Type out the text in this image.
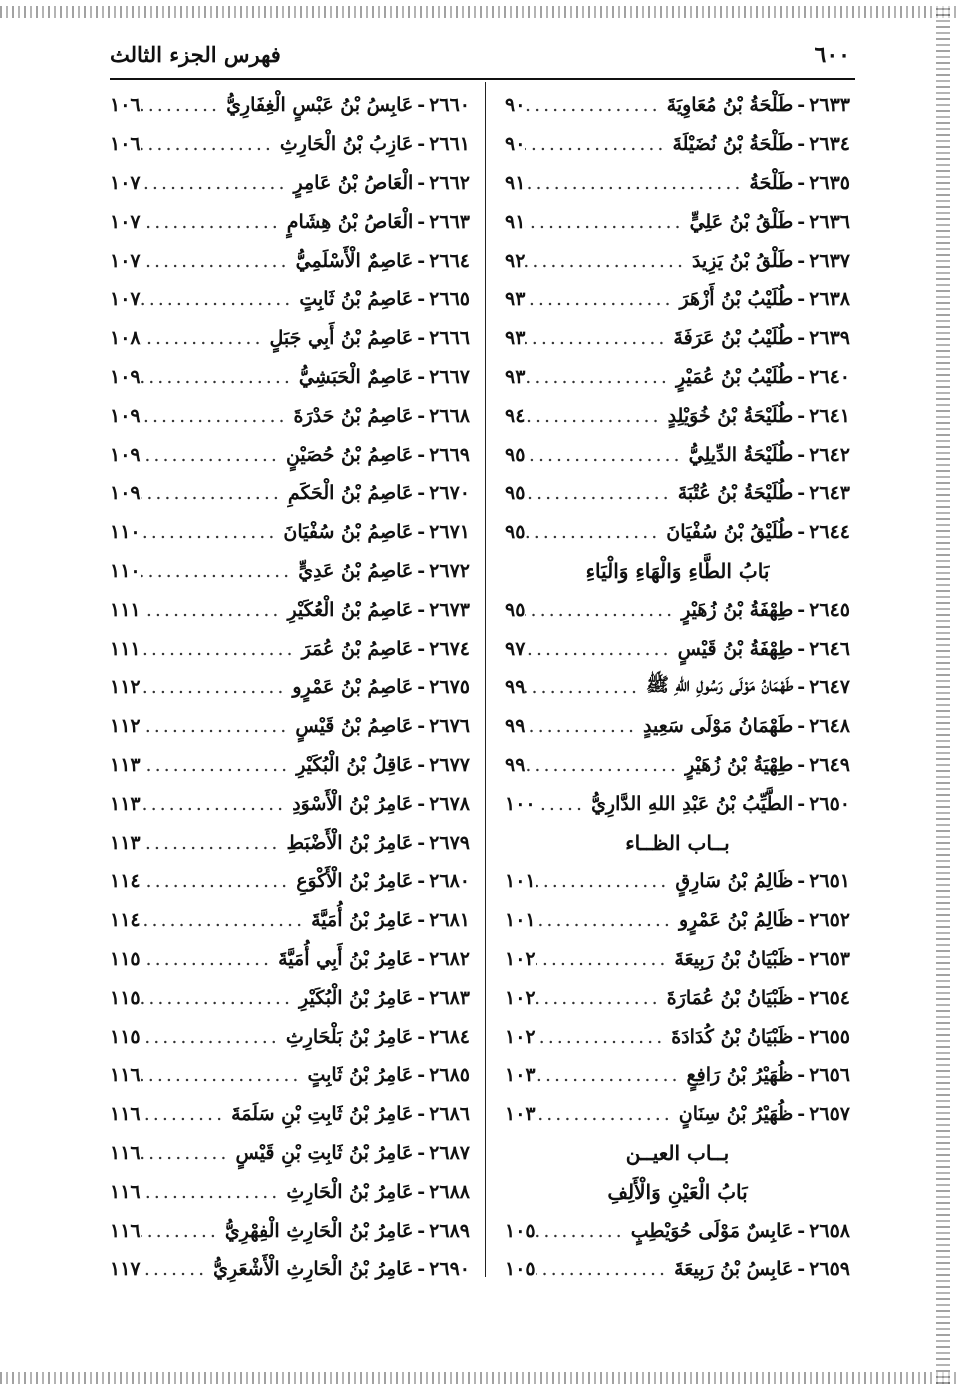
٦٠٠
فهرس الجزء الثالث
٢٦٣٣
-
طَلْحَةُ بْنُ مُعَاوِيَةَ
.....
٩٠
٢٦٣٤
-
طَلْحَةُ بْنُ نُضَيْلَةَ
.....
٩٠
٢٦٣٥
-
طَلْحَةُ
.....
٩١
٢٦٣٦
-
طَلْقُ بْنُ عَلِيٍّ
.....
٩١
٢٦٣٧
-
طَلْقُ بْنُ يَزِيدَ
.....
٩٢
٢٦٣٨
-
طُلَيْبُ بْنُ أَزْهَرَ
.....
٩٣
٢٦٣٩
-
طُلَيْبُ بْنُ عَرَفَةَ
.....
٩٣
٢٦٤٠
-
طُلَيْبُ بْنُ عُمَيْرٍ
.....
٩٣
٢٦٤١
-
طُلَيْحَةُ بْنُ خُوَيْلِدٍ
.....
٩٤
٢٦٤٢
-
طُلَيْحَةُ الدِّيلِيُّ
.....
٩٥
٢٦٤٣
-
طُلَيْحَةُ بْنُ عُتْبَةَ
.....
٩٥
٢٦٤٤
-
طُلَيْقُ بْنُ سُفْيَانَ
.....
٩٥
بَابُ الطَّاءِ وَالْهَاءِ وَالْيَاءِ
٢٦٤٥
-
طِهْفَةُ بْنُ زُهَيْرٍ
.....
٩٥
٢٦٤٦
-
طِهْفَةُ بْنُ قَيْسٍ
.....
٩٧
٢٦٤٧
-
طَهْمَانُ مَوْلَى رَسُولِ اللهِ ﷺ
.....
٩٩
٢٦٤٨
-
طَهْمَانُ مَوْلَى سَعِيدٍ
.....
٩٩
٢٦٤٩
-
طِهْيَةُ بْنُ زُهَيْرٍ
.....
٩٩
٢٦٥٠
-
الطَّيِّبُ بْنُ عَبْدِ اللهِ الدَّارِيُّ
.....
١٠٠
بــاب الظــاء
٢٦٥١
-
ظَالِمُ بْنُ سَارِقٍ
.....
١٠١
٢٦٥٢
-
ظَالِمُ بْنُ عَمْرٍو
.....
١٠١
٢٦٥٣
-
ظَبْيَانُ بْنُ رَبِيعَةَ
.....
١٠٢
٢٦٥٤
-
ظَبْيَانُ بْنُ عُمَارَةَ
.....
١٠٢
٢٦٥٥
-
ظَبْيَانُ بْنُ كُدَادَةَ
.....
١٠٢
٢٦٥٦
-
ظُهَيْرُ بْنُ رَافِعٍ
.....
١٠٣
٢٦٥٧
-
ظُهَيْرُ بْنُ سِنَانٍ
.....
١٠٣
بــاب العيــن
بَابُ الْعَيْنِ وَالْأَلِفِ
٢٦٥٨
-
عَابِسٌ مَوْلَى حُوَيْطِبٍ
.....
١٠٥
٢٦٥٩
-
عَابِسُ بْنُ رَبِيعَةَ
.....
١٠٥
٢٦٦٠
-
عَابِسُ بْنُ عَبْسٍ الْغِفَارِيُّ
.....
١٠٦
٢٦٦١
-
عَازِبُ بْنُ الْحَارِثِ
.....
١٠٦
٢٦٦٢
-
الْعَاصُ بْنُ عَامِرٍ
.....
١٠٧
٢٦٦٣
-
الْعَاصُ بْنُ هِشَامٍ
.....
١٠٧
٢٦٦٤
-
عَاصِمٌ الْأَسْلَمِيُّ
.....
١٠٧
٢٦٦٥
-
عَاصِمُ بْنُ ثَابِتٍ
.....
١٠٧
٢٦٦٦
-
عَاصِمُ بْنُ أَبِي جَبَلٍ
.....
١٠٨
٢٦٦٧
-
عَاصِمٌ الْحَبَشِيُّ
.....
١٠٩
٢٦٦٨
-
عَاصِمُ بْنُ حَدْرَةَ
.....
١٠٩
٢٦٦٩
-
عَاصِمُ بْنُ حُصَيْنٍ
.....
١٠٩
٢٦٧٠
-
عَاصِمُ بْنُ الْحَكَمِ
.....
١٠٩
٢٦٧١
-
عَاصِمُ بْنُ سُفْيَانَ
.....
١١٠
٢٦٧٢
-
عَاصِمُ بْنُ عَدِيٍّ
.....
١١٠
٢٦٧٣
-
عَاصِمُ بْنُ الْعُكَيْرِ
.....
١١١
٢٦٧٤
-
عَاصِمُ بْنُ عُمَرَ
.....
١١١
٢٦٧٥
-
عَاصِمُ بْنُ عَمْرٍو
.....
١١٢
٢٦٧٦
-
عَاصِمُ بْنُ قَيْسٍ
.....
١١٢
٢٦٧٧
-
عَاقِلُ بْنُ الْبُكَيْرِ
.....
١١٣
٢٦٧٨
-
عَامِرُ بْنُ الْأَسْوَدِ
.....
١١٣
٢٦٧٩
-
عَامِرُ بْنُ الْأَضْبَطِ
.....
١١٣
٢٦٨٠
-
عَامِرُ بْنُ الْأَكْوَعِ
.....
١١٤
٢٦٨١
-
عَامِرُ بْنُ أُمَيَّةَ
.....
١١٤
٢٦٨٢
-
عَامِرُ بْنُ أَبِي أُمَيَّةَ
.....
١١٥
٢٦٨٣
-
عَامِرُ بْنُ الْبُكَيْرِ
.....
١١٥
٢٦٨٤
-
عَامِرُ بْنُ بَلْحَارِثِ
.....
١١٥
٢٦٨٥
-
عَامِرُ بْنُ ثَابِتٍ
.....
١١٦
٢٦٨٦
-
عَامِرُ بْنُ ثَابِتِ بْنِ سَلَمَةَ
.....
١١٦
٢٦٨٧
-
عَامِرُ بْنُ ثَابِتِ بْنِ قَيْسٍ
.....
١١٦
٢٦٨٨
-
عَامِرُ بْنُ الْحَارِثِ
.....
١١٦
٢٦٨٩
-
عَامِرُ بْنُ الْحَارِثِ الْفِهْرِيُّ
.....
١١٦
٢٦٩٠
-
عَامِرُ بْنُ الْحَارِثِ الْأَشْعَرِيُّ
.....
١١٧
